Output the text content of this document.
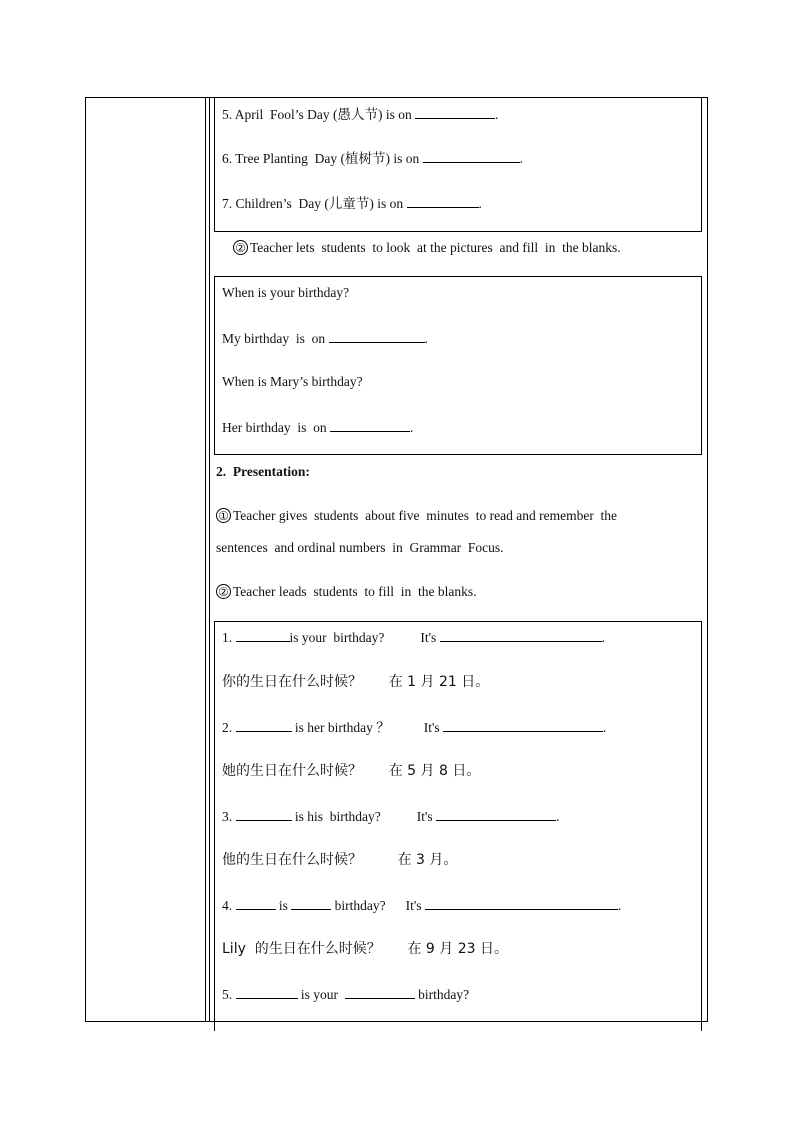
5. April  Fool’s Day (愚人节) is on	.
6. Tree Planting  Day (植树节) is on	.
7. Children’s  Day (儿童节) is on	.
② Teacher lets  students  to look  at the pictures  and fill  in  the blanks.
When is your birthday?
My birthday  is  on	.
When is Mary’s birthday?
Her birthday  is  on	.
2.  Presentation:
① Teacher gives  students  about five  minutes  to read and remember  the
sentences  and ordinal numbers  in  Grammar  Focus.
② Teacher leads  students  to fill  in  the blanks.
1.	is your  birthday?	It's	.
你的生日在什么时候？      在 1 月 21 日。
2.	is her birthday ？	It's	.
她的生日在什么时候？      在 5 月 8 日。
3.	is his  birthday?	It's	.
他的生日在什么时候？        在 3 月。
4.	is	birthday? It's	.
Lily  的生日在什么时候？      在 9 月 23 日。
5.	is your	birthday?
